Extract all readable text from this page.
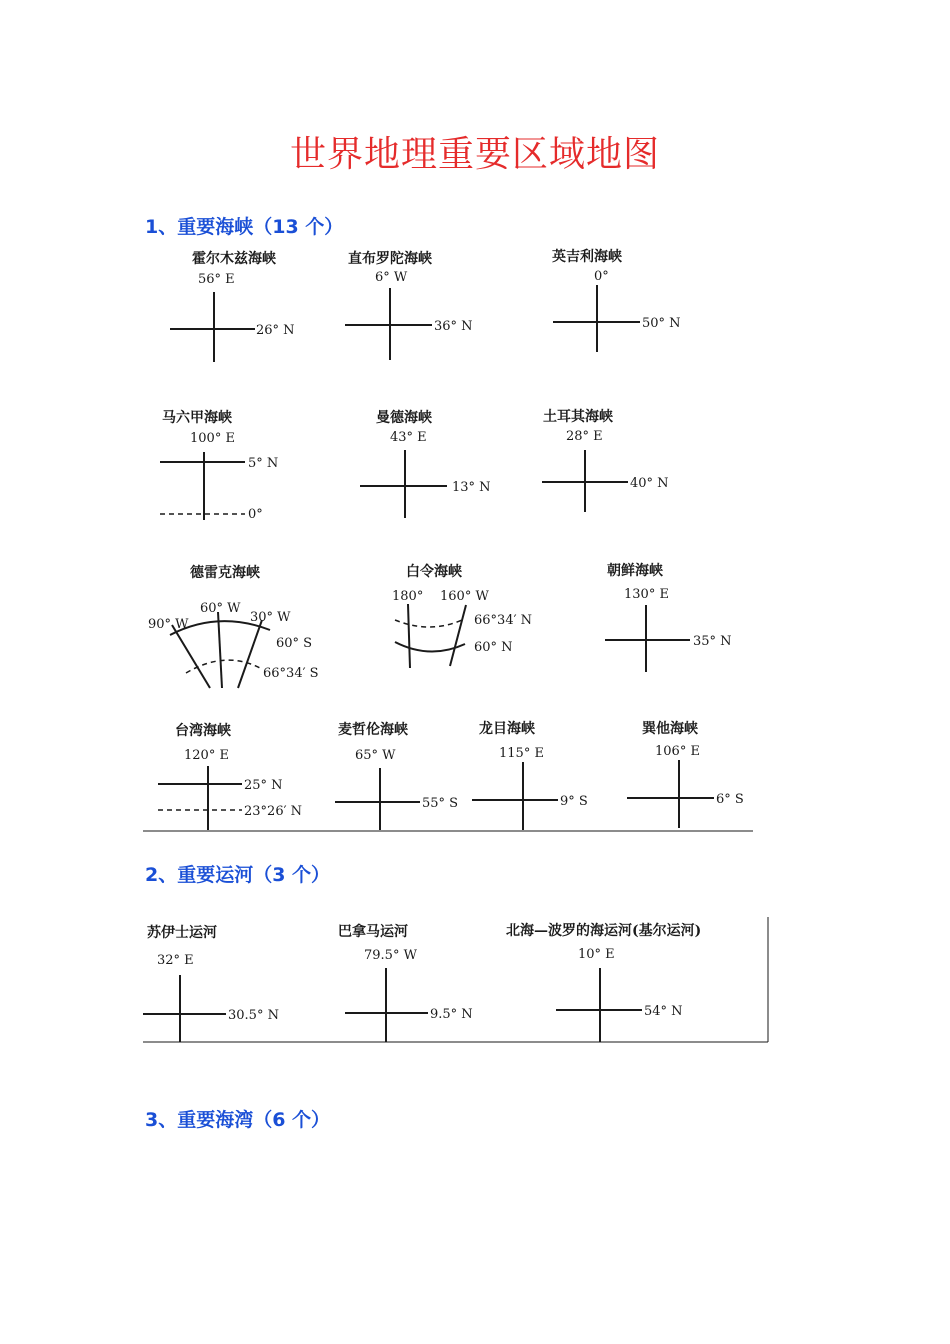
世界地理重要区域地图
1、重要海峡（13 个）
2、重要运河（3 个）
3、重要海湾（6 个）
霍尔木兹海峡
56° E
26° N
直布罗陀海峡
6° W
36° N
英吉利海峡
0°
50° N
马六甲海峡
100° E
5° N
0°
曼德海峡
43° E
13° N
土耳其海峡
28° E
40° N
德雷克海峡
90° W
60° W
30° W
60° S
66°34′ S
白令海峡
180° 160° W
66°34′ N
60° N
朝鲜海峡
130° E
35° N
台湾海峡
120° E
25° N
23°26′ N
麦哲伦海峡
65° W
55° S
龙目海峡
115° E
9° S
巽他海峡
106° E
6° S
苏伊士运河
32° E
30.5° N
巴拿马运河
79.5° W
9.5° N
北海—波罗的海运河(基尔运河)
10° E
54° N
